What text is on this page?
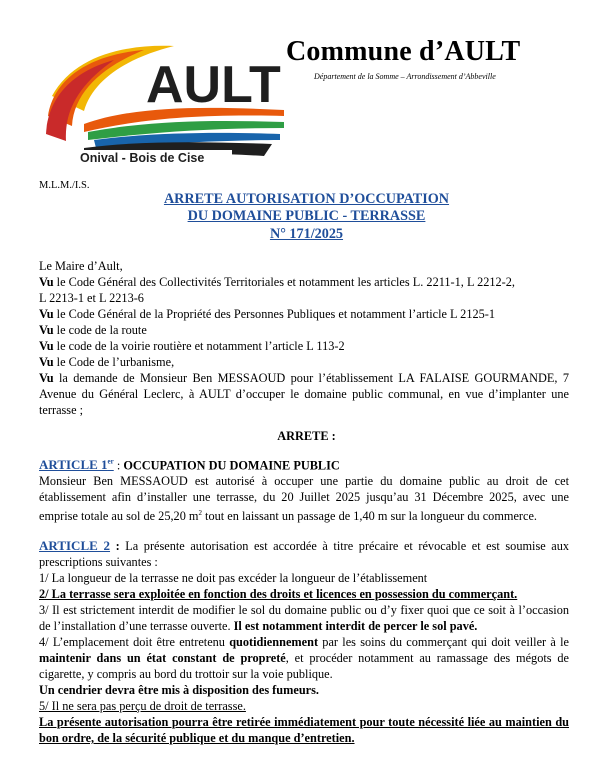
AULT
Onival - Bois de Cise
Commune d’AULT
Département de la Somme – Arrondissement d’Abbeville
M.L.M./I.S.
ARRETE AUTORISATION D’OCCUPATION
DU DOMAINE PUBLIC - TERRASSE
N° 171/2025
Le Maire d’Ault,
Vu le Code Général des Collectivités Territoriales et notamment les articles L. 2211-1, L 2212-2,
L 2213-1 et L 2213-6
Vu le Code Général de la Propriété des Personnes Publiques et notamment l’article L 2125-1
Vu le code de la route
Vu le code de la voirie routière et notamment l’article L 113-2
Vu le Code de l’urbanisme,

Vu la demande de Monsieur Ben MESSAOUD pour l’établissement LA FALAISE GOURMANDE, 7 Avenue du Général Leclerc, à AULT d’occuper le domaine public communal, en vue d’implanter une terrasse ;

ARRETE :

ARTICLE 1er : OCCUPATION DU DOMAINE PUBLIC

Monsieur Ben MESSAOUD est autorisé à occuper une partie du domaine public au droit de cet établissement afin d’installer une terrasse, du 20 Juillet 2025 jusqu’au 31 Décembre 2025, avec une emprise totale au sol de 25,20 $m^2$ tout en laissant un passage de 1,40 m sur la longueur du commerce.

ARTICLE 2 : La présente autorisation est accordée à titre précaire et révocable et est soumise aux prescriptions suivantes :

1/ La longueur de la terrasse ne doit pas excéder la longueur de l’établissement

2/ La terrasse sera exploitée en fonction des droits et licences en possession du commerçant.

3/ Il est strictement interdit de modifier le sol du domaine public ou d’y fixer quoi que ce soit à l’occasion de l’installation d’une terrasse ouverte. Il est notamment interdit de percer le sol pavé.

4/ L’emplacement doit être entretenu quotidiennement par les soins du commerçant qui doit veiller à le maintenir dans un état constant de propreté, et procéder notamment au ramassage des mégots de cigarette, y compris au bord du trottoir sur la voie publique.

Un cendrier devra être mis à disposition des fumeurs.

5/ Il ne sera pas perçu de droit de terrasse.

La présente autorisation pourra être retirée immédiatement pour toute nécessité liée au maintien du bon ordre, de la sécurité publique et du manque d’entretien.
